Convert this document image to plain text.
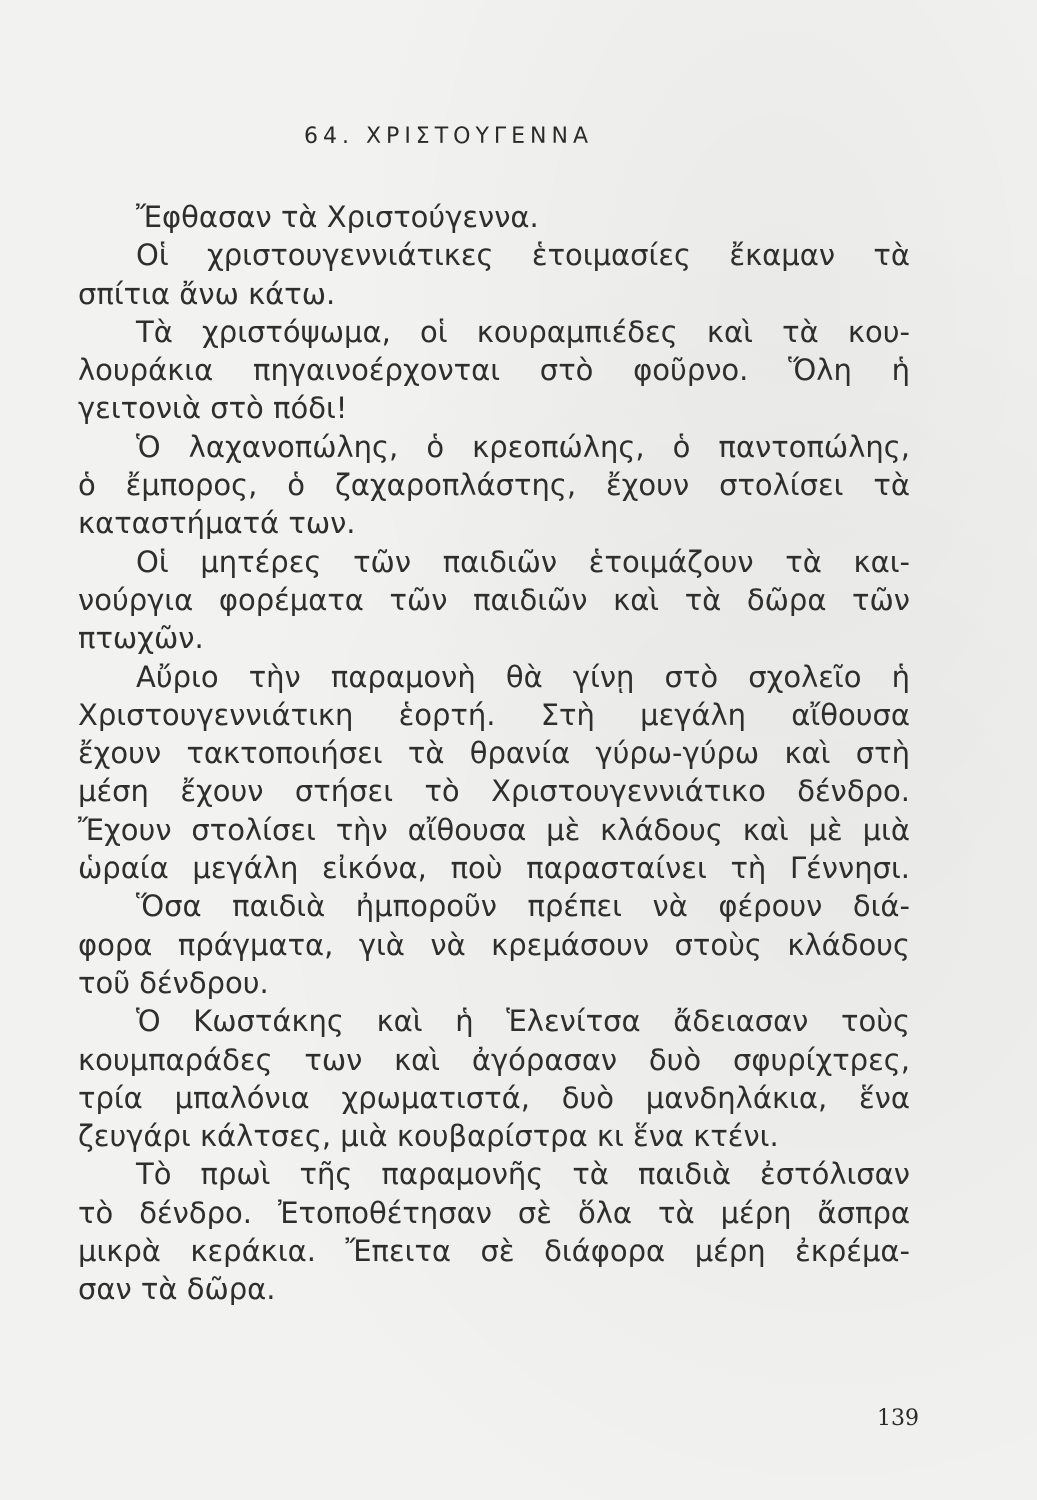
64. ΧΡΙΣΤΟΥΓΕΝΝΑ
Ἔφθασαν τὰ Χριστούγεννα.
Οἱ χριστουγεννιάτικες ἑτοιμασίες ἔκαμαν τὰ
σπίτια ἄνω κάτω.
Τὰ χριστόψωμα, οἱ κουραμπιέδες καὶ τὰ κου-
λουράκια πηγαινοέρχονται στὸ φοῦρνο. Ὅλη ἡ
γειτονιὰ στὸ πόδι!
Ὁ λαχανοπώλης, ὁ κρεοπώλης, ὁ παντοπώλης,
ὁ ἔμπορος, ὁ ζαχαροπλάστης, ἔχουν στολίσει τὰ
καταστήματά των.
Οἱ μητέρες τῶν παιδιῶν ἑτοιμάζουν τὰ και-
νούργια φορέματα τῶν παιδιῶν καὶ τὰ δῶρα τῶν
πτωχῶν.
Αὔριο τὴν παραμονὴ θὰ γίνῃ στὸ σχολεῖο ἡ
Χριστουγεννιάτικη ἑορτή. Στὴ μεγάλη αἴθουσα
ἔχουν τακτοποιήσει τὰ θρανία γύρω-γύρω καὶ στὴ
μέση ἔχουν στήσει τὸ Χριστουγεννιάτικο δένδρο.
Ἔχουν στολίσει τὴν αἴθουσα μὲ κλάδους καὶ μὲ μιὰ
ὡραία μεγάλη εἰκόνα, ποὺ παρασταίνει τὴ Γέννησι.
Ὅσα παιδιὰ ἠμποροῦν πρέπει νὰ φέρουν διά-
φορα πράγματα, γιὰ νὰ κρεμάσουν στοὺς κλάδους
τοῦ δένδρου.
Ὁ Κωστάκης καὶ ἡ Ἑλενίτσα ἄδειασαν τοὺς
κουμπαράδες των καὶ ἀγόρασαν δυὸ σφυρίχτρες,
τρία μπαλόνια χρωματιστά, δυὸ μανδηλάκια, ἕνα
ζευγάρι κάλτσες, μιὰ κουβαρίστρα κι ἕνα κτένι.
Τὸ πρωὶ τῆς παραμονῆς τὰ παιδιὰ ἐστόλισαν
τὸ δένδρο. Ἐτοποθέτησαν σὲ ὅλα τὰ μέρη ἄσπρα
μικρὰ κεράκια. Ἔπειτα σὲ διάφορα μέρη ἐκρέμα-
σαν τὰ δῶρα.
139
